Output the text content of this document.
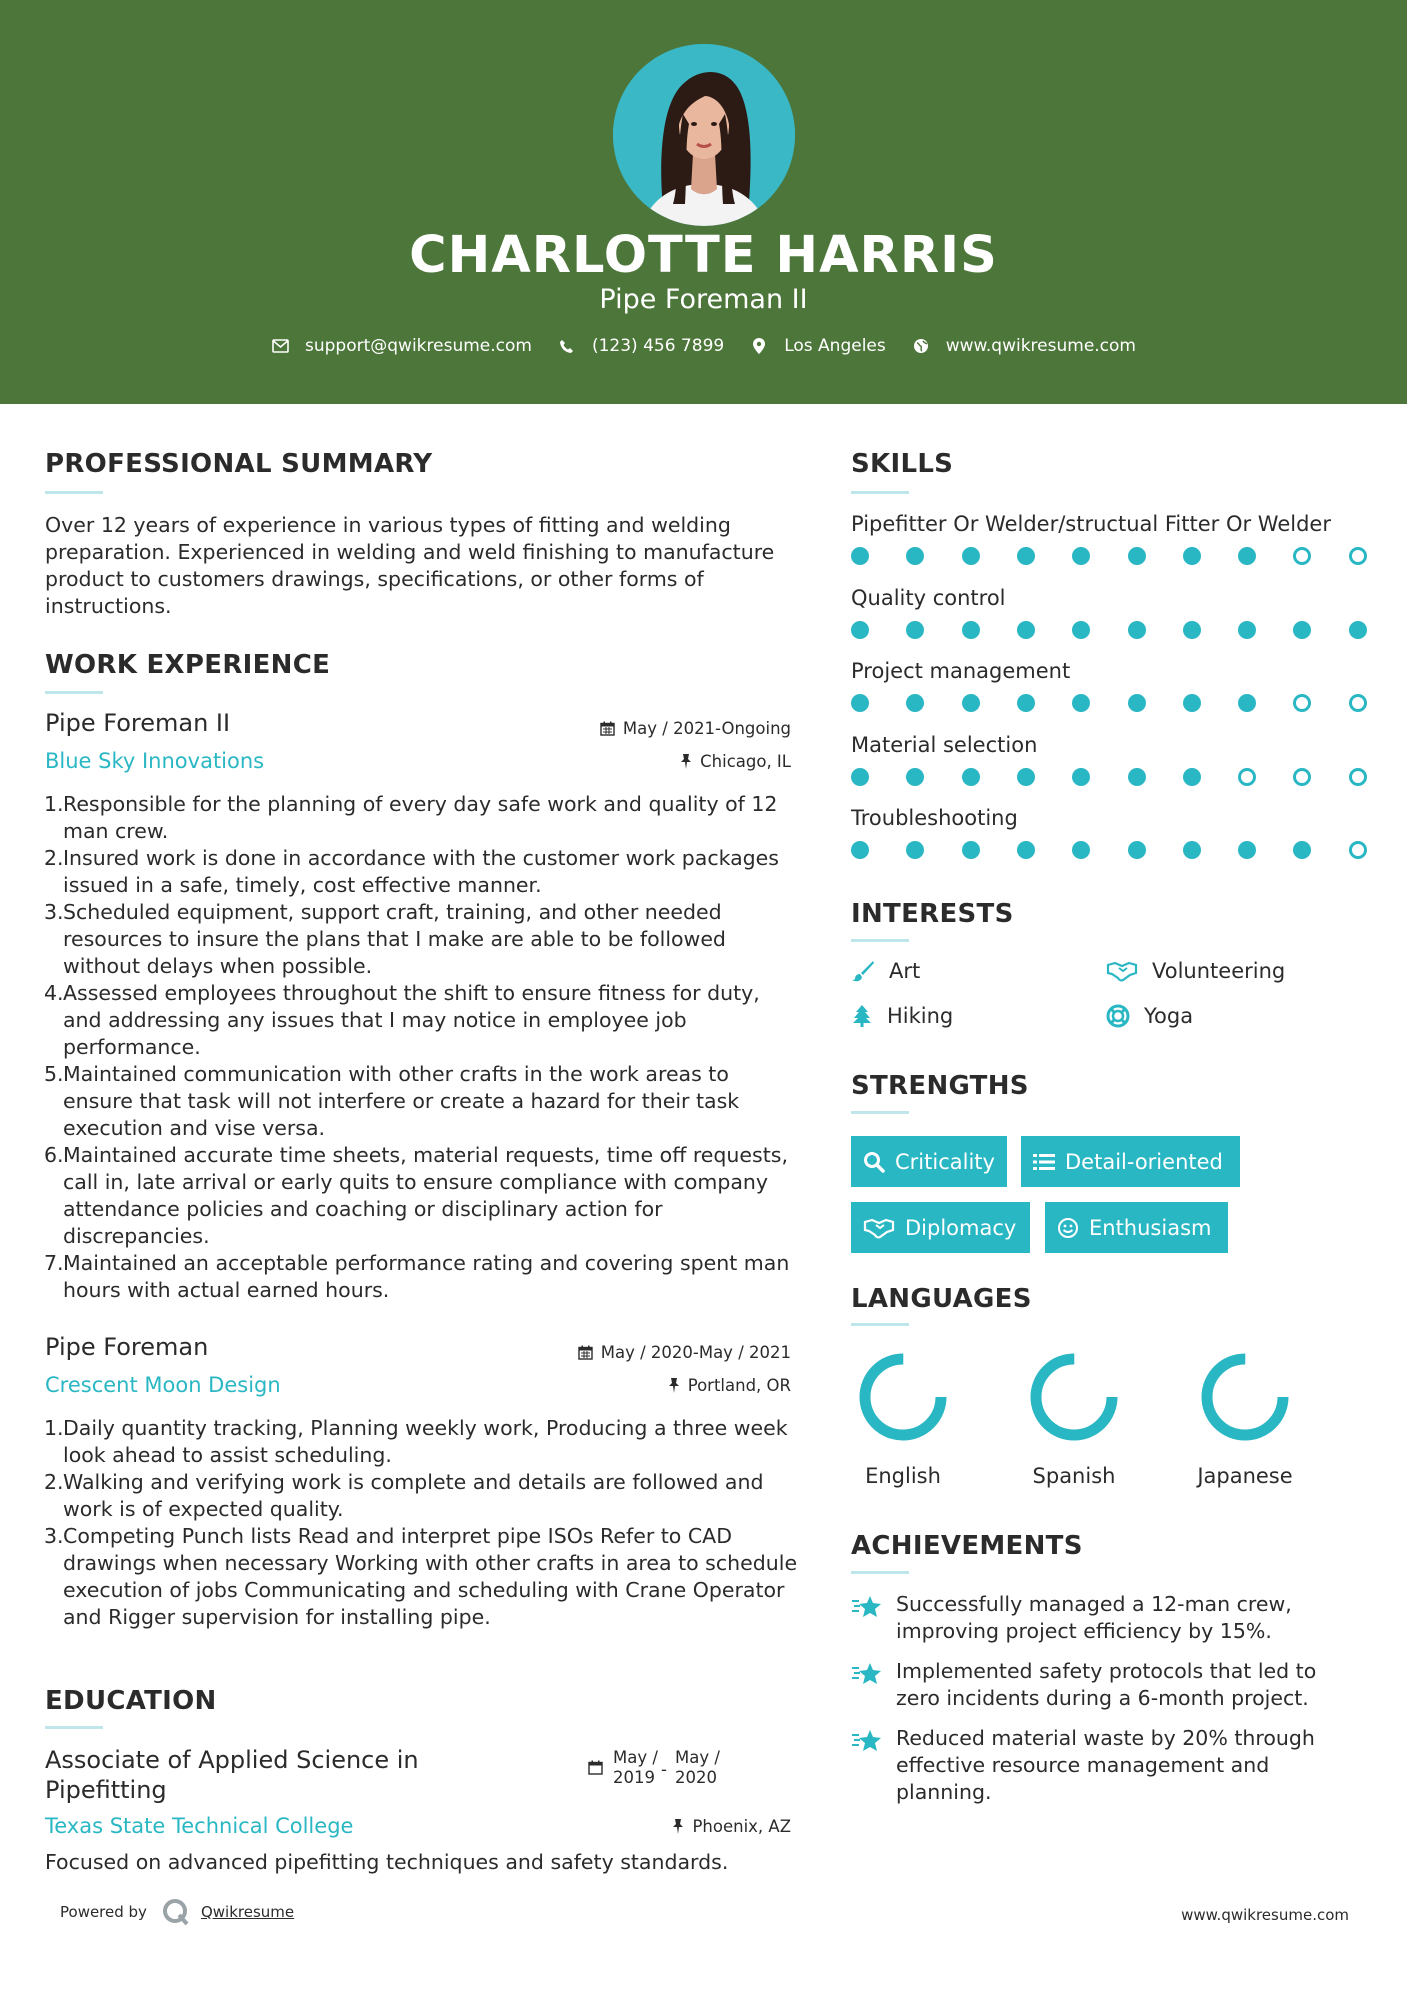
CHARLOTTE HARRIS
Pipe Foreman II
support@qwikresume.com	(123) 456 7899	Los Angeles	www.qwikresume.com
PROFESSIONAL SUMMARY
Over 12 years of experience in various types of fitting and welding preparation. Experienced in welding and weld finishing to manufacture product to customers drawings, specifications, or other forms of instructions.
WORK EXPERIENCE
Pipe Foreman II	May / 2021-Ongoing
Blue Sky Innovations	Chicago, IL
1. Responsible for the planning of every day safe work and quality of 12 man crew.
2. Insured work is done in accordance with the customer work packages issued in a safe, timely, cost effective manner.
3. Scheduled equipment, support craft, training, and other needed resources to insure the plans that I make are able to be followed without delays when possible.
4. Assessed employees throughout the shift to ensure fitness for duty, and addressing any issues that I may notice in employee job performance.
5. Maintained communication with other crafts in the work areas to ensure that task will not interfere or create a hazard for their task execution and vise versa.
6. Maintained accurate time sheets, material requests, time off requests, call in, late arrival or early quits to ensure compliance with company attendance policies and coaching or disciplinary action for discrepancies.
7. Maintained an acceptable performance rating and covering spent man hours with actual earned hours.
Pipe Foreman	May / 2020-May / 2021
Crescent Moon Design	Portland, OR
1. Daily quantity tracking, Planning weekly work, Producing a three week look ahead to assist scheduling.
2. Walking and verifying work is complete and details are followed and work is of expected quality.
3. Competing Punch lists Read and interpret pipe ISOs Refer to CAD drawings when necessary Working with other crafts in area to schedule execution of jobs Communicating and scheduling with Crane Operator and Rigger supervision for installing pipe.
EDUCATION
Associate of Applied Science in
Pipefitting
May /
2019 -
May /
2020
Texas State Technical College	Phoenix, AZ
Focused on advanced pipefitting techniques and safety standards.
SKILLS
Pipefitter Or Welder/structual Fitter Or Welder
Quality control
Project management
Material selection
Troubleshooting
INTERESTS
Art	Volunteering
Hiking	Yoga
STRENGTHS
Criticality	Detail-oriented
Diplomacy	Enthusiasm
LANGUAGES
English	Spanish	Japanese
ACHIEVEMENTS
Successfully managed a 12-man crew,
improving project efficiency by 15%.
Implemented safety protocols that led to
zero incidents during a 6-month project.
Reduced material waste by 20% through
effective resource management and
planning.
Powered by	Qwikresume	www.qwikresume.com
